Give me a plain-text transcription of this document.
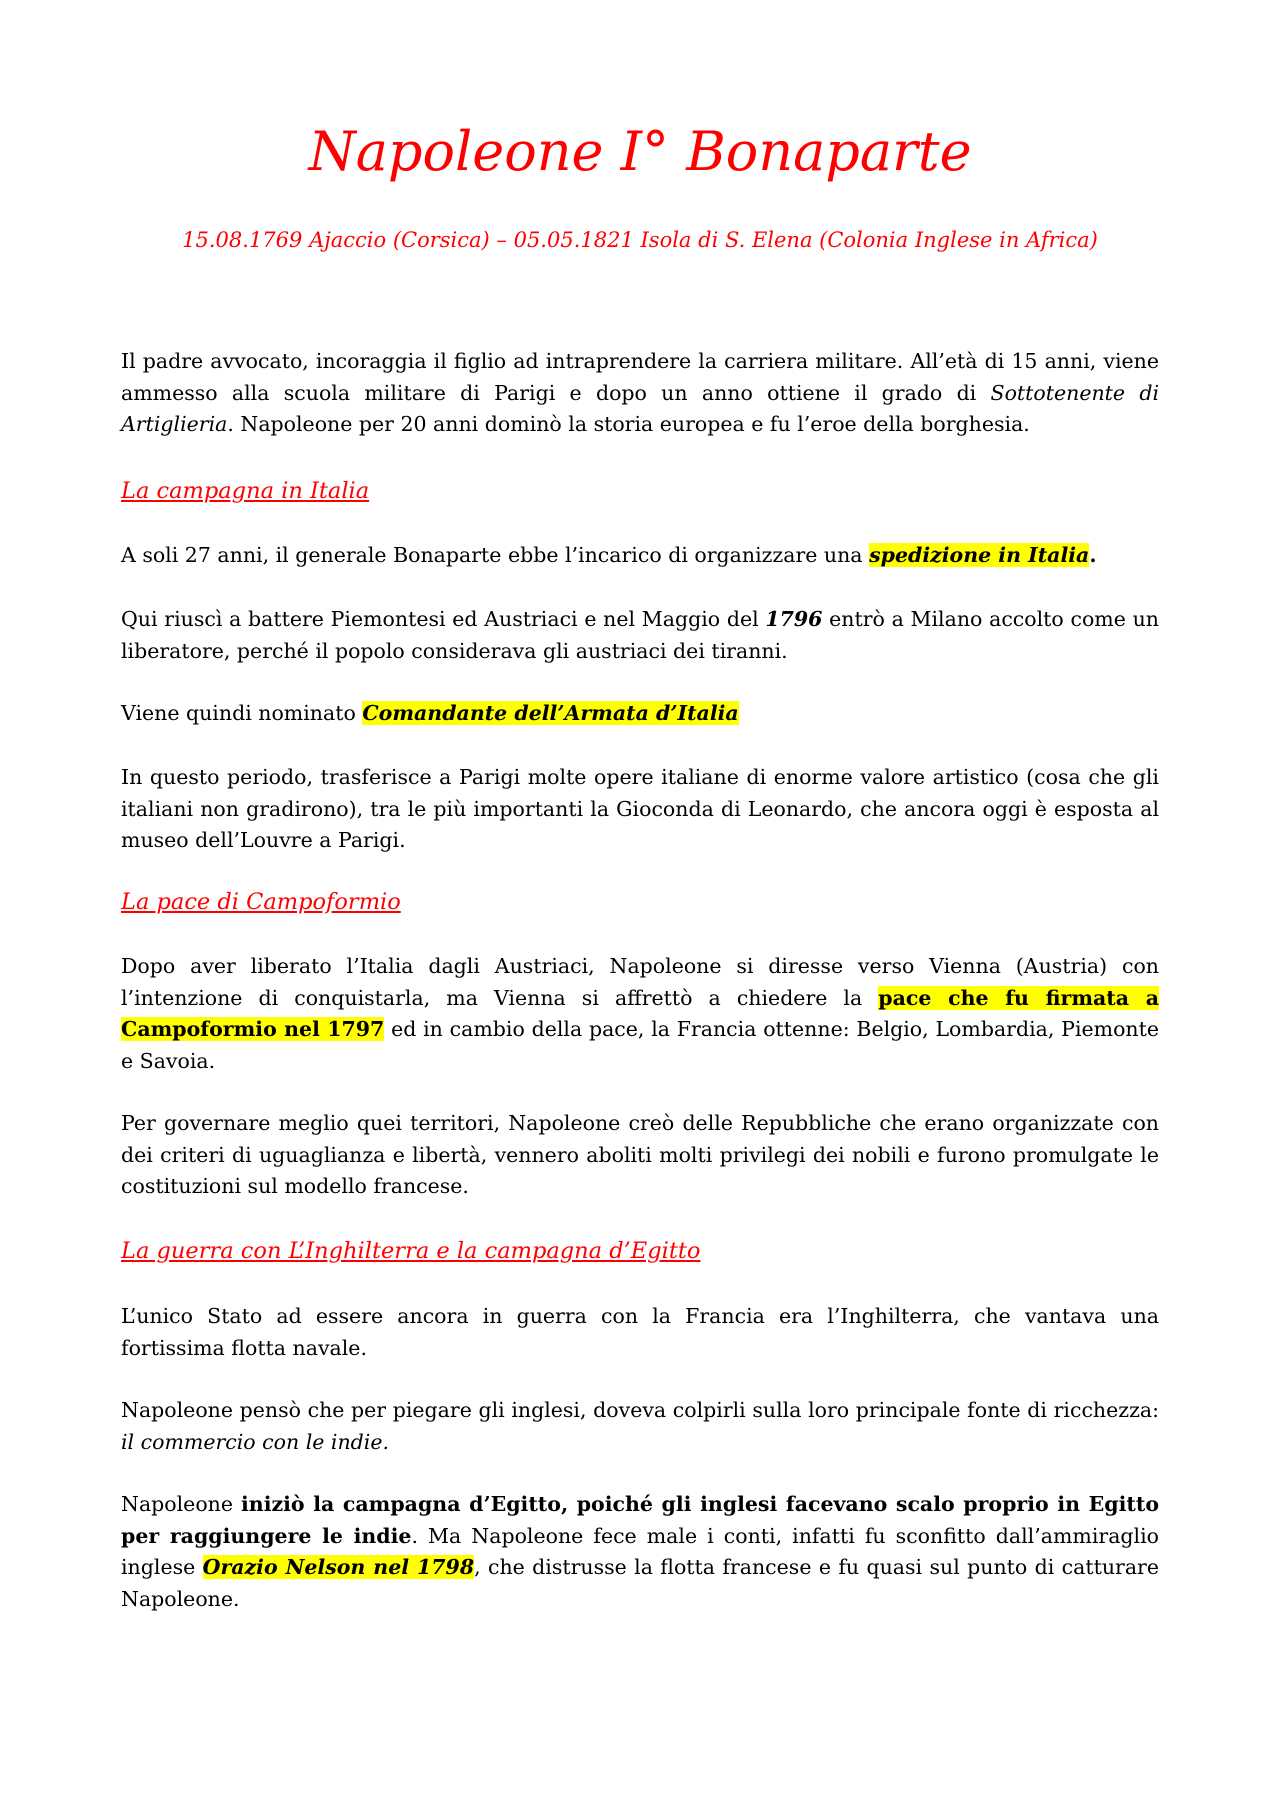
Napoleone I° Bonaparte

15.08.1769 Ajaccio (Corsica) – 05.05.1821 Isola di S. Elena (Colonia Inglese in Africa)

Il padre avvocato, incoraggia il figlio ad intraprendere la carriera militare. All’età di 15 anni, viene ammesso alla scuola militare di Parigi e dopo un anno ottiene il grado di Sottotenente di Artiglieria. Napoleone per 20 anni dominò la storia europea e fu l’eroe della borghesia.

La campagna in Italia

A soli 27 anni, il generale Bonaparte ebbe l’incarico di organizzare una spedizione in Italia.

Qui riuscì a battere Piemontesi ed Austriaci e nel Maggio del 1796 entrò a Milano accolto come un liberatore, perché il popolo considerava gli austriaci dei tiranni.

Viene quindi nominato Comandante dell’Armata d’Italia

In questo periodo, trasferisce a Parigi molte opere italiane di enorme valore artistico (cosa che gli italiani non gradirono), tra le più importanti la Gioconda di Leonardo, che ancora oggi è esposta al museo dell’Louvre a Parigi.

La pace di Campoformio

Dopo aver liberato l’Italia dagli Austriaci, Napoleone si diresse verso Vienna (Austria) con l’intenzione di conquistarla, ma Vienna si affrettò a chiedere la pace che fu firmata a Campoformio nel 1797 ed in cambio della pace, la Francia ottenne: Belgio, Lombardia, Piemonte e Savoia.

Per governare meglio quei territori, Napoleone creò delle Repubbliche che erano organizzate con dei criteri di uguaglianza e libertà, vennero aboliti molti privilegi dei nobili e furono promulgate le costituzioni sul modello francese.

La guerra con L’Inghilterra e la campagna d’Egitto

L’unico Stato ad essere ancora in guerra con la Francia era l’Inghilterra, che vantava una fortissima flotta navale.

Napoleone pensò che per piegare gli inglesi, doveva colpirli sulla loro principale fonte di ricchezza: il commercio con le indie.

Napoleone iniziò la campagna d’Egitto, poiché gli inglesi facevano scalo proprio in Egitto per raggiungere le indie. Ma Napoleone fece male i conti, infatti fu sconfitto dall’ammiraglio inglese Orazio Nelson nel 1798, che distrusse la flotta francese e fu quasi sul punto di catturare Napoleone.
